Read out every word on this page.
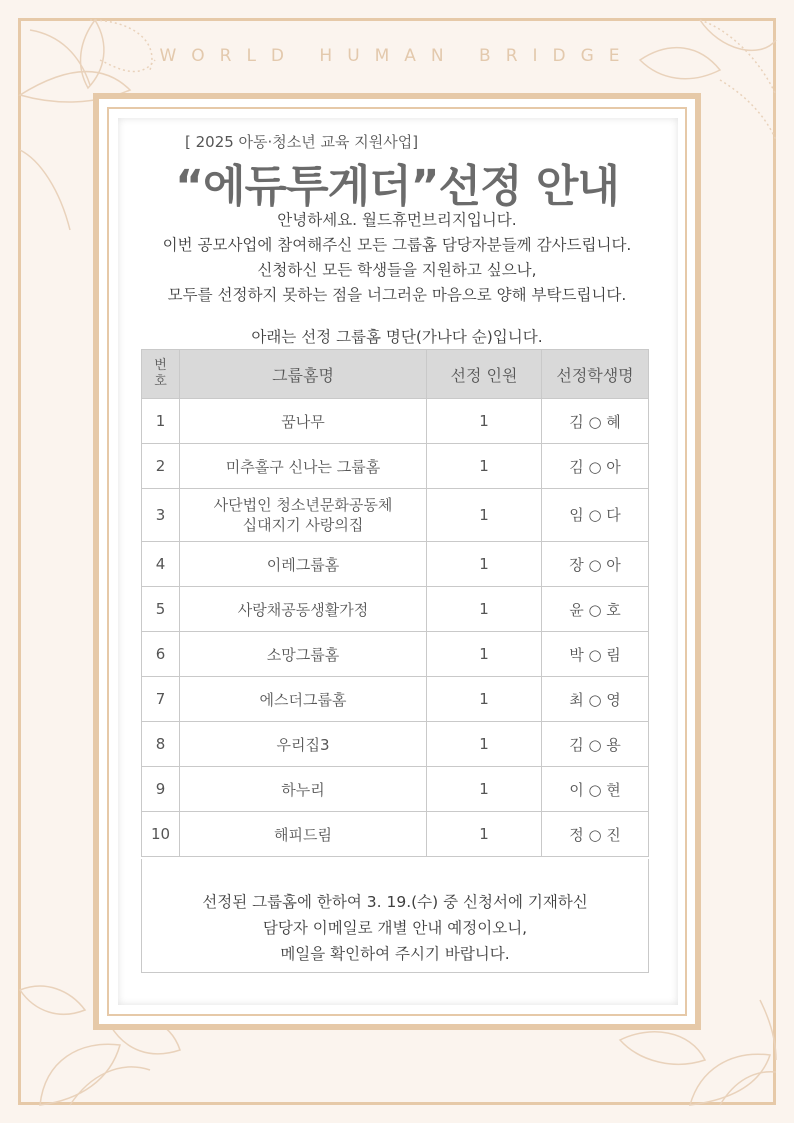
WORLD HUMAN BRIDGE
[ 2025 아동·청소년 교육 지원사업]
“에듀투게더”선정 안내
안녕하세요. 월드휴먼브리지입니다.
이번 공모사업에 참여해주신 모든 그룹홈 담당자분들께 감사드립니다.
신청하신 모든 학생들을 지원하고 싶으나,
모두를 선정하지 못하는 점을 너그러운 마음으로 양해 부탁드립니다.
아래는 선정 그룹홈 명단(가나다 순)입니다.
번
호	그룹홈명	선정 인원	선정학생명
1	꿈나무	1	김 ○ 혜
2	미추홀구 신나는 그룹홈	1	김 ○ 아
3	사단법인 청소년문화공동체
십대지기 사랑의집	1	임 ○ 다
4	이레그룹홈	1	장 ○ 아
5	사랑채공동생활가정	1	윤 ○ 호
6	소망그룹홈	1	박 ○ 림
7	에스더그룹홈	1	최 ○ 영
8	우리집3	1	김 ○ 용
9	하누리	1	이 ○ 현
10	해피드림	1	정 ○ 진
선정된 그룹홈에 한하여 3. 19.(수) 중 신청서에 기재하신
담당자 이메일로 개별 안내 예정이오니,
메일을 확인하여 주시기 바랍니다.
